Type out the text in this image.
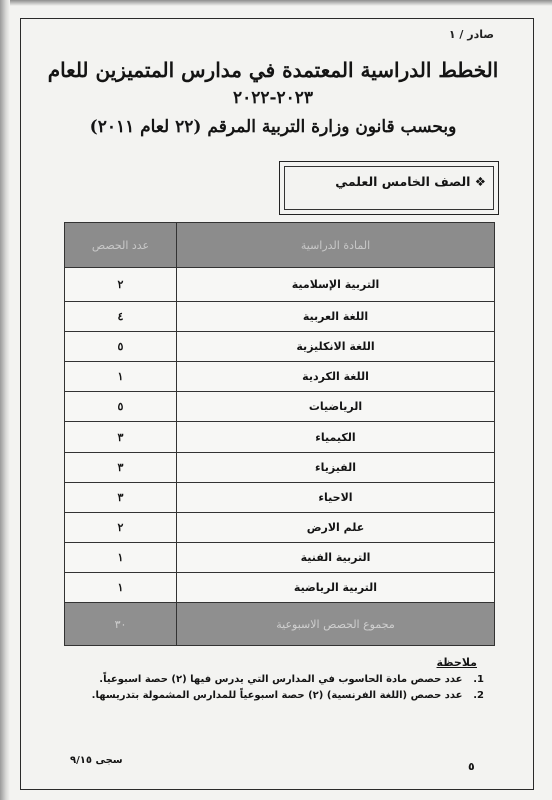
صادر / ١
الخطط الدراسية المعتمدة في مدارس المتميزين للعام
٢٠٢٣-٢٠٢٢
وبحسب قانون وزارة التربية المرقم (٢٢ لعام ٢٠١١)
❖ الصف الخامس العلمي
عدد الحصص	المادة الدراسية
٢	التربية الإسلامية
٤	اللغة العربية
٥	اللغة الانكليزية
١	اللغة الكردية
٥	الرياضيات
٣	الكيمياء
٣	الفيزياء
٣	الاحياء
٢	علم الارض
١	التربية الفنية
١	التربية الرياضية
٣٠	مجموع الحصص الاسبوعية
ملاحظة
1. عدد حصص مادة الحاسوب في المدارس التي يدرس فيها (٢) حصة اسبوعياً.
2. عدد حصص (اللغة الفرنسية) (٢) حصة اسبوعياً للمدارس المشمولة بتدريسها.
سجى ٩/١٥	٥
